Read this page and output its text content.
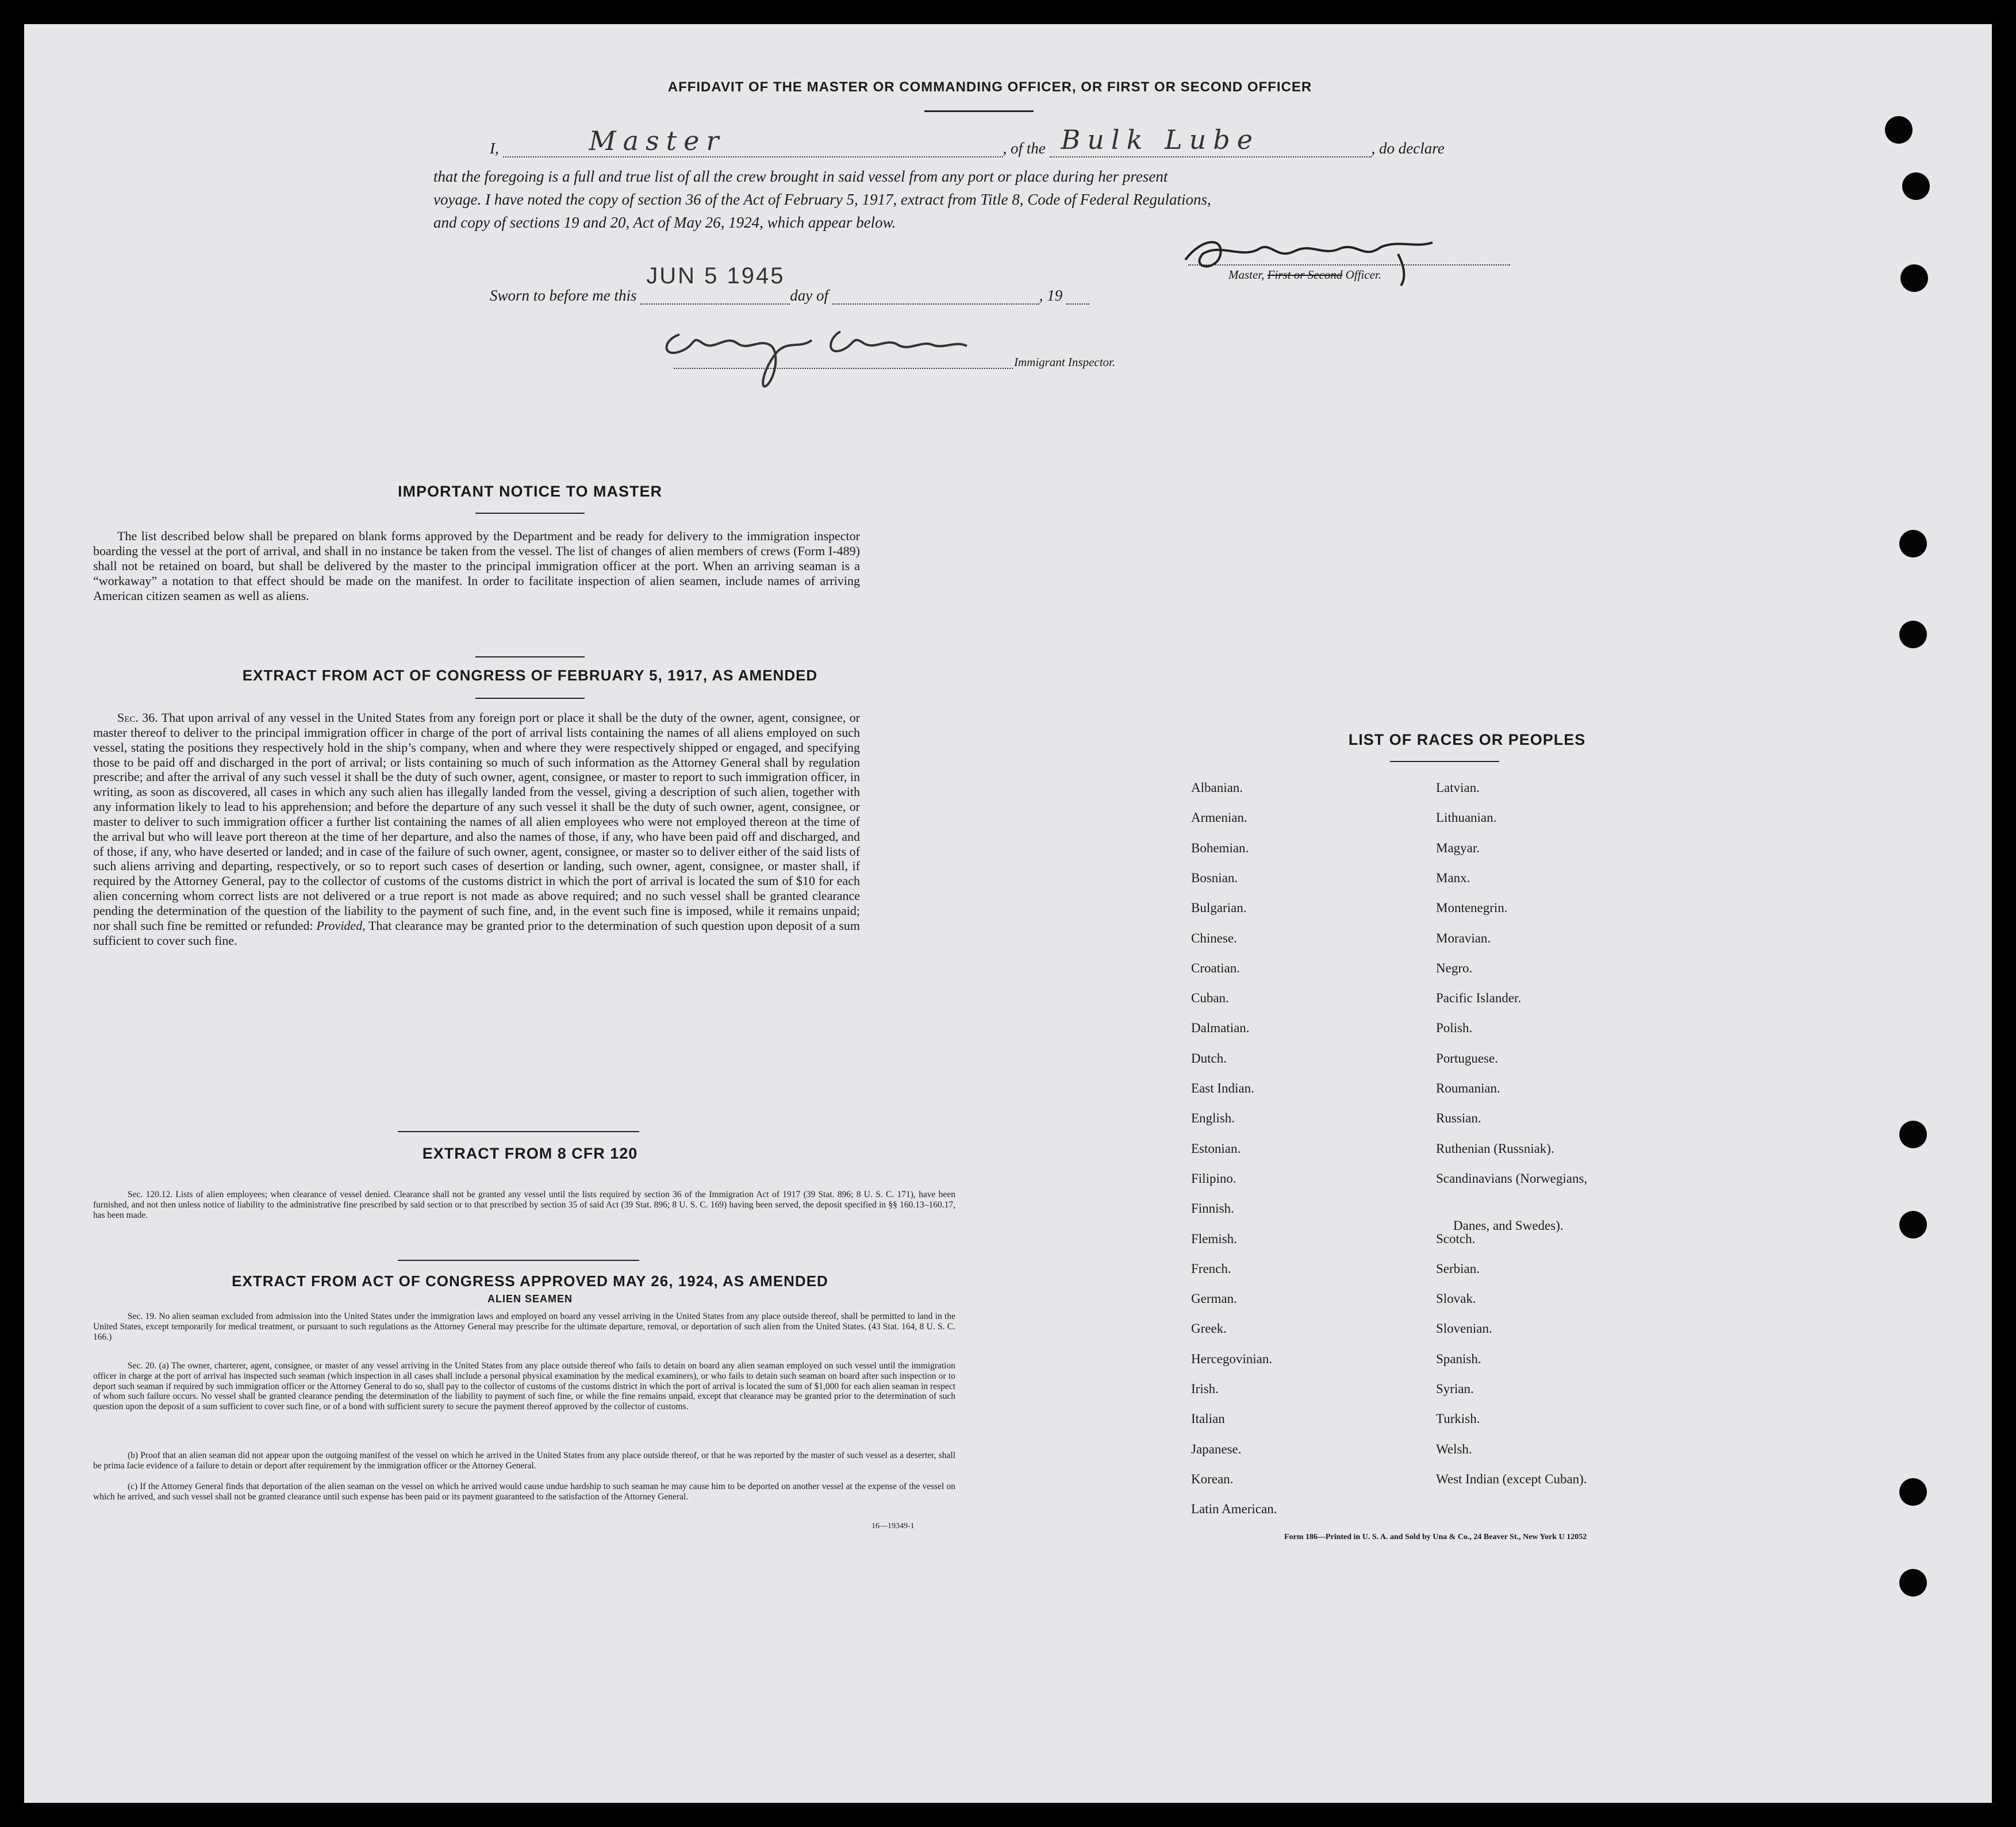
AFFIDAVIT OF THE MASTER OR COMMANDING OFFICER, OR FIRST OR SECOND OFFICER
I,	Master	, of the Bulk Lube	, do declare
that the foregoing is a full and true list of all the crew brought in said vessel from any port or place during her present
voyage. I have noted the copy of section 36 of the Act of February 5, 1917, extract from Title 8, Code of Federal Regulations,
and copy of sections 19 and 20, Act of May 26, 1924, which appear below.
Master, First or Second Officer.
Sworn to before me this
JUN 5 1945
day of	, 19
Immigrant Inspector.
IMPORTANT NOTICE TO MASTER
The list described below shall be prepared on blank forms approved by the Department and be ready for delivery to the immigration inspector boarding the vessel at the port of arrival, and shall in no instance be taken from the vessel. The list of changes of alien members of crews (Form I-489) shall not be retained on board, but shall be delivered by the master to the principal immigration officer at the port. When an arriving seaman is a “workaway” a notation to that effect should be made on the manifest. In order to facilitate inspection of alien seamen, include names of arriving American citizen seamen as well as aliens.
EXTRACT FROM ACT OF CONGRESS OF FEBRUARY 5, 1917, AS AMENDED
Sec. 36. That upon arrival of any vessel in the United States from any foreign port or place it shall be the duty of the owner, agent, consignee, or master thereof to deliver to the principal immigration officer in charge of the port of arrival lists containing the names of all aliens employed on such vessel, stating the positions they respectively hold in the ship’s company, when and where they were respectively shipped or engaged, and specifying those to be paid off and discharged in the port of arrival; or lists containing so much of such information as the Attorney General shall by regulation prescribe; and after the arrival of any such vessel it shall be the duty of such owner, agent, consignee, or master to report to such immigration officer, in writing, as soon as discovered, all cases in which any such alien has illegally landed from the vessel, giving a description of such alien, together with any information likely to lead to his apprehension; and before the departure of any such vessel it shall be the duty of such owner, agent, consignee, or master to deliver to such immigration officer a further list containing the names of all alien employees who were not employed thereon at the time of the arrival but who will leave port thereon at the time of her departure, and also the names of those, if any, who have been paid off and discharged, and of those, if any, who have deserted or landed; and in case of the failure of such owner, agent, consignee, or master so to deliver either of the said lists of such aliens arriving and departing, respectively, or so to report such cases of desertion or landing, such owner, agent, consignee, or master shall, if required by the Attorney General, pay to the collector of customs of the customs district in which the port of arrival is located the sum of $10 for each alien concerning whom correct lists are not delivered or a true report is not made as above required; and no such vessel shall be granted clearance pending the determination of the question of the liability to the payment of such fine, and, in the event such fine is imposed, while it remains unpaid; nor shall such fine be remitted or refunded: Provided, That clearance may be granted prior to the determination of such question upon deposit of a sum sufficient to cover such fine.
EXTRACT FROM 8 CFR 120
Sec. 120.12. Lists of alien employees; when clearance of vessel denied. Clearance shall not be granted any vessel until the lists required by section 36 of the Immigration Act of 1917 (39 Stat. 896; 8 U. S. C. 171), have been furnished, and not then unless notice of liability to the administrative fine prescribed by said section or to that prescribed by section 35 of said Act (39 Stat. 896; 8 U. S. C. 169) having been served, the deposit specified in §§ 160.13–160.17, has been made.
EXTRACT FROM ACT OF CONGRESS APPROVED MAY 26, 1924, AS AMENDED
ALIEN SEAMEN
Sec. 19. No alien seaman excluded from admission into the United States under the immigration laws and employed on board any vessel arriving in the United States from any place outside thereof, shall be permitted to land in the United States, except temporarily for medical treatment, or pursuant to such regulations as the Attorney General may prescribe for the ultimate departure, removal, or deportation of such alien from the United States. (43 Stat. 164, 8 U. S. C. 166.)
Sec. 20. (a) The owner, charterer, agent, consignee, or master of any vessel arriving in the United States from any place outside thereof who fails to detain on board any alien seaman employed on such vessel until the immigration officer in charge at the port of arrival has inspected such seaman (which inspection in all cases shall include a personal physical examination by the medical examiners), or who fails to detain such seaman on board after such inspection or to deport such seaman if required by such immigration officer or the Attorney General to do so, shall pay to the collector of customs of the customs district in which the port of arrival is located the sum of $1,000 for each alien seaman in respect of whom such failure occurs. No vessel shall be granted clearance pending the determination of the liability to payment of such fine, or while the fine remains unpaid, except that clearance may be granted prior to the determination of such question upon the deposit of a sum sufficient to cover such fine, or of a bond with sufficient surety to secure the payment thereof approved by the collector of customs.
(b) Proof that an alien seaman did not appear upon the outgoing manifest of the vessel on which he arrived in the United States from any place outside thereof, or that he was reported by the master of such vessel as a deserter, shall be prima facie evidence of a failure to detain or deport after requirement by the immigration officer or the Attorney General.
(c) If the Attorney General finds that deportation of the alien seaman on the vessel on which he arrived would cause undue hardship to such seaman he may cause him to be deported on another vessel at the expense of the vessel on which he arrived, and such vessel shall not be granted clearance until such expense has been paid or its payment guaranteed to the satisfaction of the Attorney General.
16—19349-1
LIST OF RACES OR PEOPLES
Form 186—Printed in U. S. A. and Sold by Una & Co., 24 Beaver St., New York U 12052
Albanian.
Armenian.
Bohemian.
Bosnian.
Bulgarian.
Chinese.
Croatian.
Cuban.
Dalmatian.
Dutch.
East Indian.
English.
Estonian.
Filipino.
Finnish.
Flemish.
French.
German.
Greek.
Hercegovinian.
Irish.
Italian
Japanese.
Korean.
Latin American.
Latvian.
Lithuanian.
Magyar.
Manx.
Montenegrin.
Moravian.
Negro.
Pacific Islander.
Polish.
Portuguese.
Roumanian.
Russian.
Ruthenian (Russniak).
Scandinavians (Norwegians,
Danes, and Swedes).
Scotch.
Serbian.
Slovak.
Slovenian.
Spanish.
Syrian.
Turkish.
Welsh.
West Indian (except Cuban).
